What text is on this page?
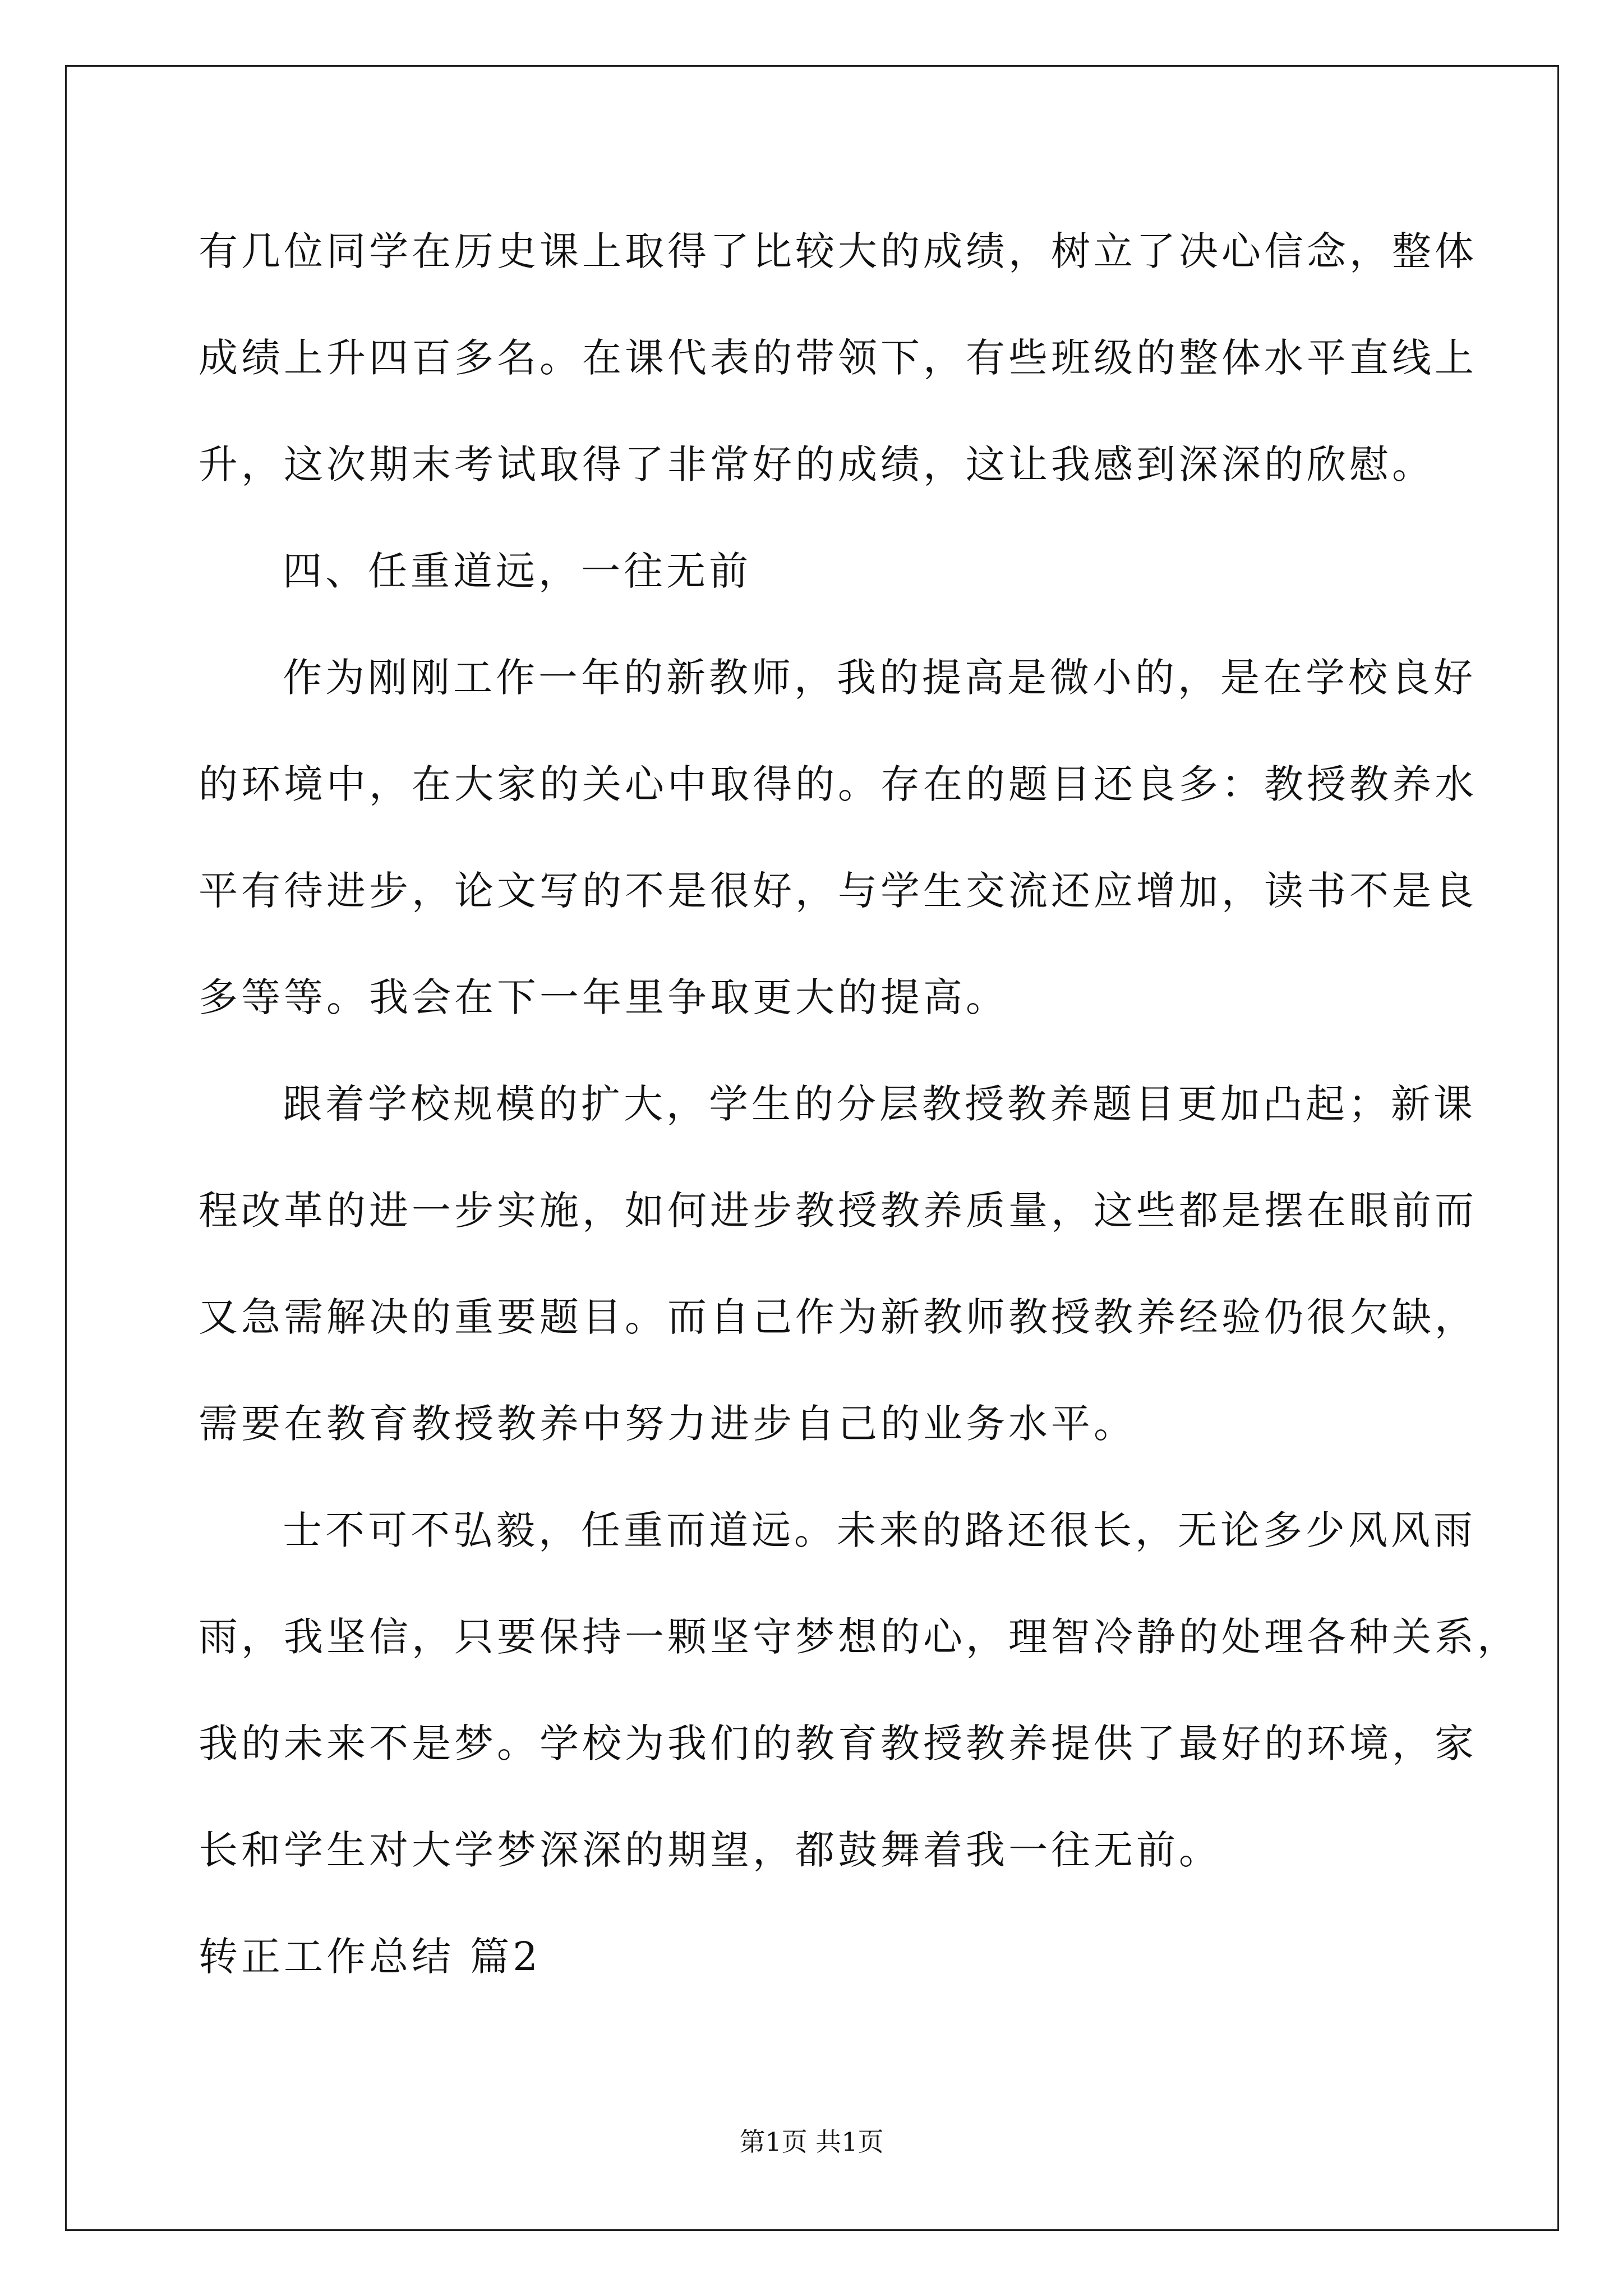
有几位同学在历史课上取得了比较大的成绩，树立了决心信念，整体
成绩上升四百多名。在课代表的带领下，有些班级的整体水平直线上
升，这次期末考试取得了非常好的成绩，这让我感到深深的欣慰。
四、任重道远，一往无前
作为刚刚工作一年的新教师，我的提高是微小的，是在学校良好
的环境中，在大家的关心中取得的。存在的题目还良多：教授教养水
平有待进步，论文写的不是很好，与学生交流还应增加，读书不是良
多等等。我会在下一年里争取更大的提高。
跟着学校规模的扩大，学生的分层教授教养题目更加凸起；新课
程改革的进一步实施，如何进步教授教养质量，这些都是摆在眼前而
又急需解决的重要题目。而自己作为新教师教授教养经验仍很欠缺，
需要在教育教授教养中努力进步自己的业务水平。
士不可不弘毅，任重而道远。未来的路还很长，无论多少风风雨
雨，我坚信，只要保持一颗坚守梦想的心，理智冷静的处理各种关系，
我的未来不是梦。学校为我们的教育教授教养提供了最好的环境，家
长和学生对大学梦深深的期望，都鼓舞着我一往无前。
转正工作总结 篇2
第1页 共1页
